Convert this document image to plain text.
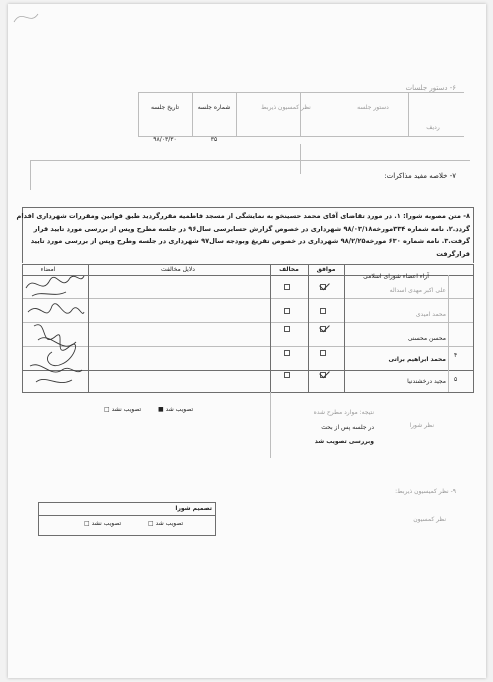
۶- دستور جلسات
ردیف
دستور جلسه
نظر کمسیون ذیربط
شماره جلسه
تاریخ جلسه
۳۵
۹۸/۰۳/۳۰
۷- خلاصه مفید مذاکرات:
۸- متن مصوبه شورا: ۱. در مورد تقاضای آقای محمد حسینخو به نمایشگی از مسجد فاطمیه مقررگردید طبق قوانین ومقررات شهرداری اقدام
گردد.۲. نامه شماره ۳۳۴مورخه۹۸/۰۳/۱۸ شهرداری در خصوص گزارش حسابرسی سال۹۶ در جلسه مطرح وپس از بررسی مورد تایید قرار
گرفت.۳. نامه شماره ۶۳۰ مورخه۹۸/۲/۲۵ شهرداری در خصوص تفریغ وبودجه سال۹۷ شهرداری در جلسه وطرح وپس از بررسی مورد تایید
قرارگرفت
آراء اعضاء شورای اسلامی
موافق
مخالف
دلایل مخالفت
امضاء
علی اکبر مهدی اسداله
محمد امیدی
محسن محسنی
۴
محمد ابراهیم براتی
۵
مجید درخشندنیا
تصویب شد ■
تصویب نشد □	نتیجه: موارد مطرح شده
در جلسه پس از بحث
وبررسی تصویب شد
نظر شورا
۹- نظر کمیسیون ذیربط:
نظر کمسیون
تصمیم شورا
تصویب شد □
تصویب نشد □
